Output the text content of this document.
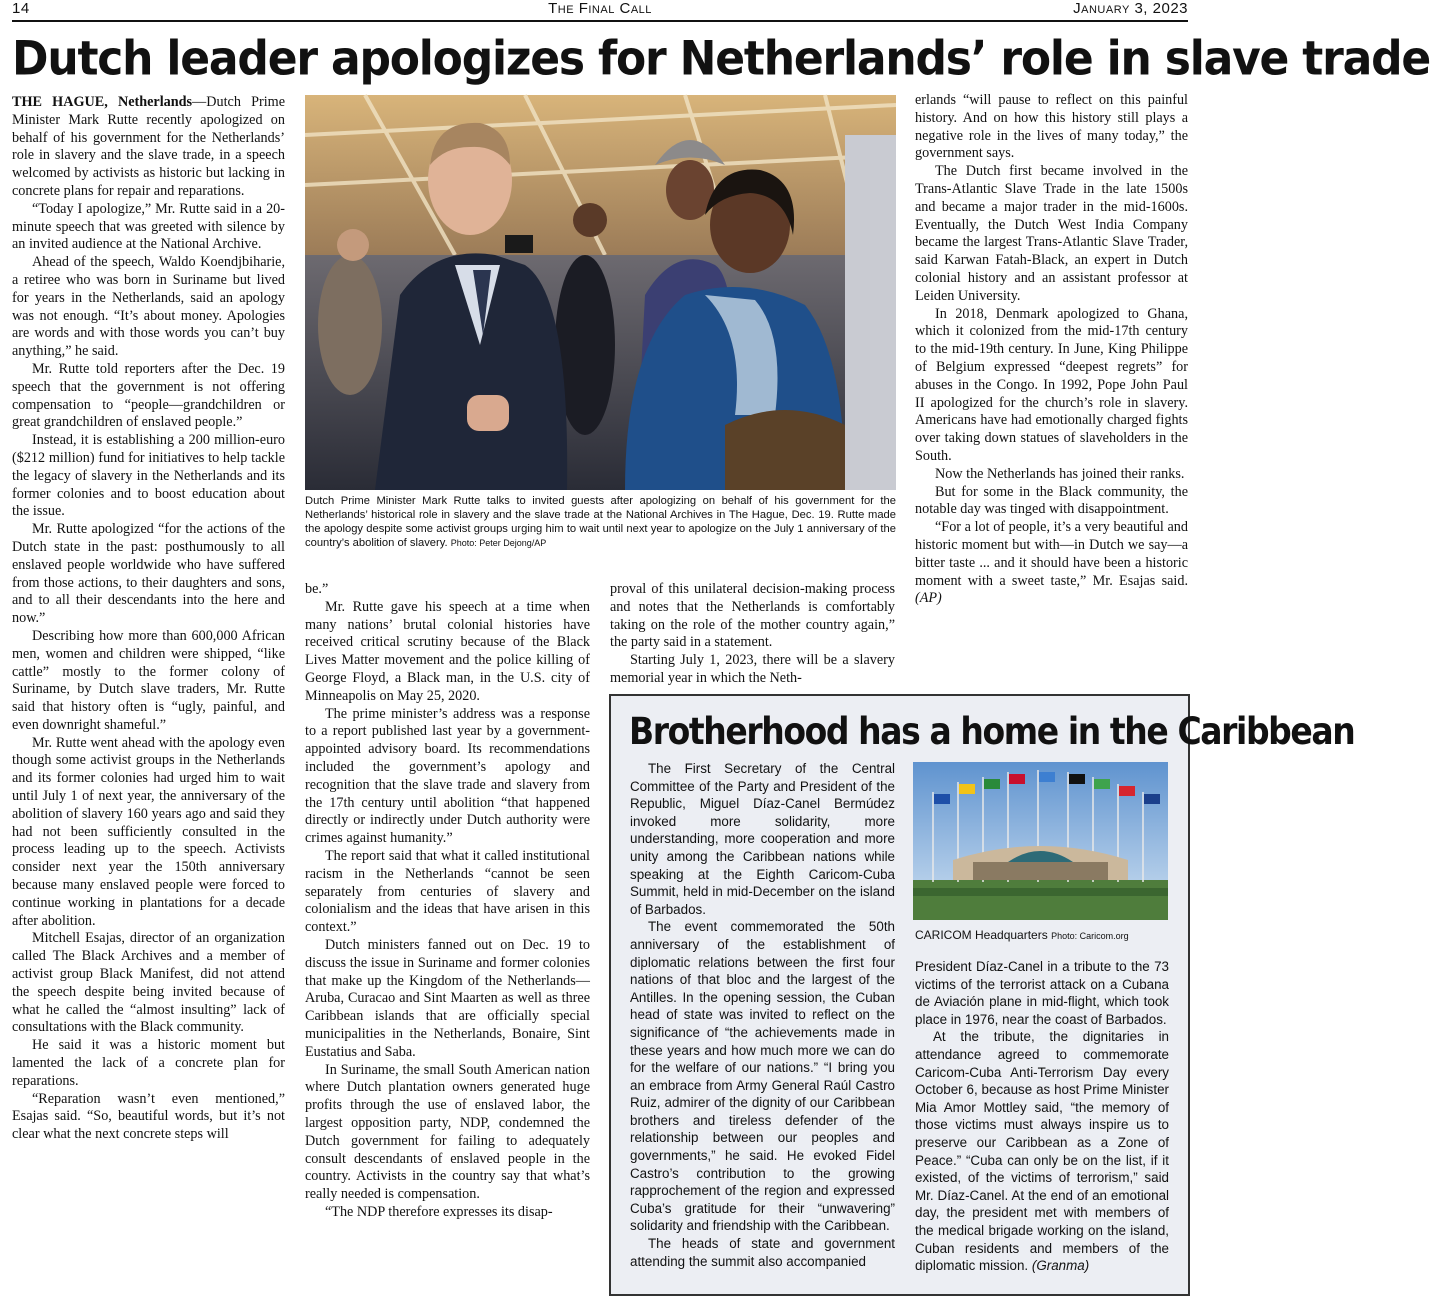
14	The Final Call	January 3, 2023
Dutch leader apologizes for Netherlands’ role in slave trade

THE HAGUE, Netherlands—Dutch Prime Minister Mark Rutte recently apologized on behalf of his government for the Netherlands’ role in slavery and the slave trade, in a speech welcomed by activists as historic but lacking in concrete plans for repair and reparations.

“Today I apologize,” Mr. Rutte said in a 20-minute speech that was greeted with silence by an invited audience at the National Archive.

Ahead of the speech, Waldo Koendjbiharie, a retiree who was born in Suriname but lived for years in the Netherlands, said an apology was not enough. “It’s about money. Apologies are words and with those words you can’t buy anything,” he said.

Mr. Rutte told reporters after the Dec. 19 speech that the government is not offering compensation to “people—grandchildren or great grandchildren of enslaved people.”

Instead, it is establishing a 200 million-euro ($212 million) fund for initiatives to help tackle the legacy of slavery in the Netherlands and its former colonies and to boost education about the issue.

Mr. Rutte apologized “for the actions of the Dutch state in the past: posthumously to all enslaved people worldwide who have suffered from those actions, to their daughters and sons, and to all their descendants into the here and now.”

Describing how more than 600,000 African men, women and children were shipped, “like cattle” mostly to the former colony of Suriname, by Dutch slave traders, Mr. Rutte said that history often is “ugly, painful, and even downright shameful.”

Mr. Rutte went ahead with the apology even though some activist groups in the Netherlands and its former colonies had urged him to wait until July 1 of next year, the anniversary of the abolition of slavery 160 years ago and said they had not been sufficiently consulted in the process leading up to the speech. Activists consider next year the 150th anniversary because many enslaved people were forced to continue working in plantations for a decade after abolition.

Mitchell Esajas, director of an organization called The Black Archives and a member of activist group Black Manifest, did not attend the speech despite being invited because of what he called the “almost insulting” lack of consultations with the Black community.

He said it was a historic moment but lamented the lack of a concrete plan for reparations.

“Reparation wasn’t even mentioned,” Esajas said. “So, beautiful words, but it’s not clear what the next concrete steps will

Dutch Prime Minister Mark Rutte talks to invited guests after apologizing on behalf of his government for the Netherlands’ historical role in slavery and the slave trade at the National Archives in The Hague, Dec. 19. Rutte made the apology despite some activist groups urging him to wait until next year to apologize on the July 1 anniversary of the country’s abolition of slavery. Photo: Peter Dejong/AP

be.”

Mr. Rutte gave his speech at a time when many nations’ brutal colonial histories have received critical scrutiny because of the Black Lives Matter movement and the police killing of George Floyd, a Black man, in the U.S. city of Minneapolis on May 25, 2020.

The prime minister’s address was a response to a report published last year by a government-appointed advisory board. Its recommendations included the government’s apology and recognition that the slave trade and slavery from the 17th century until abolition “that happened directly or indirectly under Dutch authority were crimes against humanity.”

The report said that what it called institutional racism in the Netherlands “cannot be seen separately from centuries of slavery and colonialism and the ideas that have arisen in this context.”

Dutch ministers fanned out on Dec. 19 to discuss the issue in Suriname and former colonies that make up the Kingdom of the Netherlands—Aruba, Curacao and Sint Maarten as well as three Caribbean islands that are officially special municipalities in the Netherlands, Bonaire, Sint Eustatius and Saba.

In Suriname, the small South American nation where Dutch plantation owners generated huge profits through the use of enslaved labor, the largest opposition party, NDP, condemned the Dutch government for failing to adequately consult descendants of enslaved people in the country. Activists in the country say that what’s really needed is compensation.

“The NDP therefore expresses its disap-

proval of this unilateral decision-making process and notes that the Netherlands is comfortably taking on the role of the mother country again,” the party said in a statement.

Starting July 1, 2023, there will be a slavery memorial year in which the Neth-

erlands “will pause to reflect on this painful history. And on how this history still plays a negative role in the lives of many today,” the government says.

The Dutch first became involved in the Trans-Atlantic Slave Trade in the late 1500s and became a major trader in the mid-1600s. Eventually, the Dutch West India Company became the largest Trans-Atlantic Slave Trader, said Karwan Fatah-Black, an expert in Dutch colonial history and an assistant professor at Leiden University.

In 2018, Denmark apologized to Ghana, which it colonized from the mid-17th century to the mid-19th century. In June, King Philippe of Belgium expressed “deepest regrets” for abuses in the Congo. In 1992, Pope John Paul II apologized for the church’s role in slavery. Americans have had emotionally charged fights over taking down statues of slaveholders in the South.

Now the Netherlands has joined their ranks.

But for some in the Black community, the notable day was tinged with disappointment.

“For a lot of people, it’s a very beautiful and historic moment but with—in Dutch we say—a bitter taste ... and it should have been a historic moment with a sweet taste,” Mr. Esajas said. (AP)

Brotherhood has a home in the Caribbean

The First Secretary of the Central Committee of the Party and President of the Republic, Miguel Díaz-Canel Bermúdez invoked more solidarity, more understanding, more cooperation and more unity among the Caribbean nations while speaking at the Eighth Caricom-Cuba Summit, held in mid-December on the island of Barbados.

The event commemorated the 50th anniversary of the establishment of diplomatic relations between the first four nations of that bloc and the largest of the Antilles. In the opening session, the Cuban head of state was invited to reflect on the significance of “the achievements made in these years and how much more we can do for the welfare of our nations.” “I bring you an embrace from Army General Raúl Castro Ruiz, admirer of the dignity of our Caribbean brothers and tireless defender of the relationship between our peoples and governments,” he said. He evoked Fidel Castro’s contribution to the growing rapprochement of the region and expressed Cuba’s gratitude for their “unwavering” solidarity and friendship with the Caribbean.

The heads of state and government attending the summit also accompanied

CARICOM Headquarters Photo: Caricom.org

President Díaz-Canel in a tribute to the 73 victims of the terrorist attack on a Cubana de Aviación plane in mid-flight, which took place in 1976, near the coast of Barbados.

At the tribute, the dignitaries in attendance agreed to commemorate Caricom-Cuba Anti-Terrorism Day every October 6, because as host Prime Minister Mia Amor Mottley said, “the memory of those victims must always inspire us to preserve our Caribbean as a Zone of Peace.” “Cuba can only be on the list, if it existed, of the victims of terrorism,” said Mr. Díaz-Canel. At the end of an emotional day, the president met with members of the medical brigade working on the island, Cuban residents and members of the diplomatic mission. (Granma)
